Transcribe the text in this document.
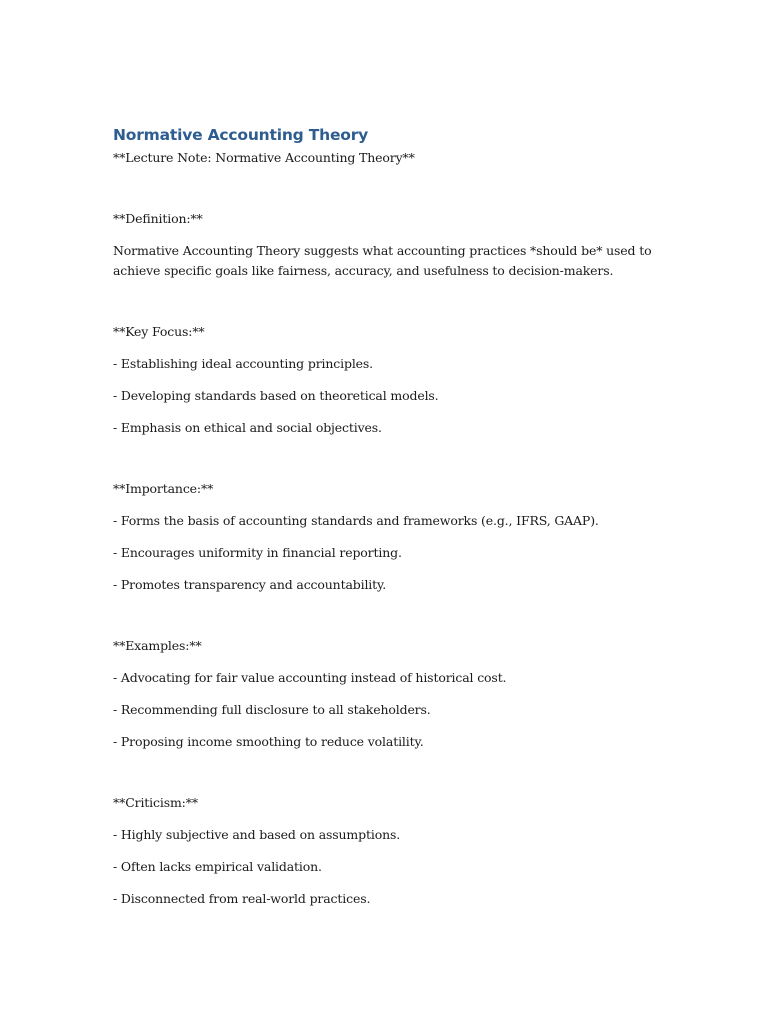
Normative Accounting Theory

**Lecture Note: Normative Accounting Theory**

**Definition:**

Normative Accounting Theory suggests what accounting practices *should be* used to

achieve specific goals like fairness, accuracy, and usefulness to decision-makers.

**Key Focus:**

- Establishing ideal accounting principles.

- Developing standards based on theoretical models.

- Emphasis on ethical and social objectives.

**Importance:**

- Forms the basis of accounting standards and frameworks (e.g., IFRS, GAAP).

- Encourages uniformity in financial reporting.

- Promotes transparency and accountability.

**Examples:**

- Advocating for fair value accounting instead of historical cost.

- Recommending full disclosure to all stakeholders.

- Proposing income smoothing to reduce volatility.

**Criticism:**

- Highly subjective and based on assumptions.

- Often lacks empirical validation.

- Disconnected from real-world practices.
